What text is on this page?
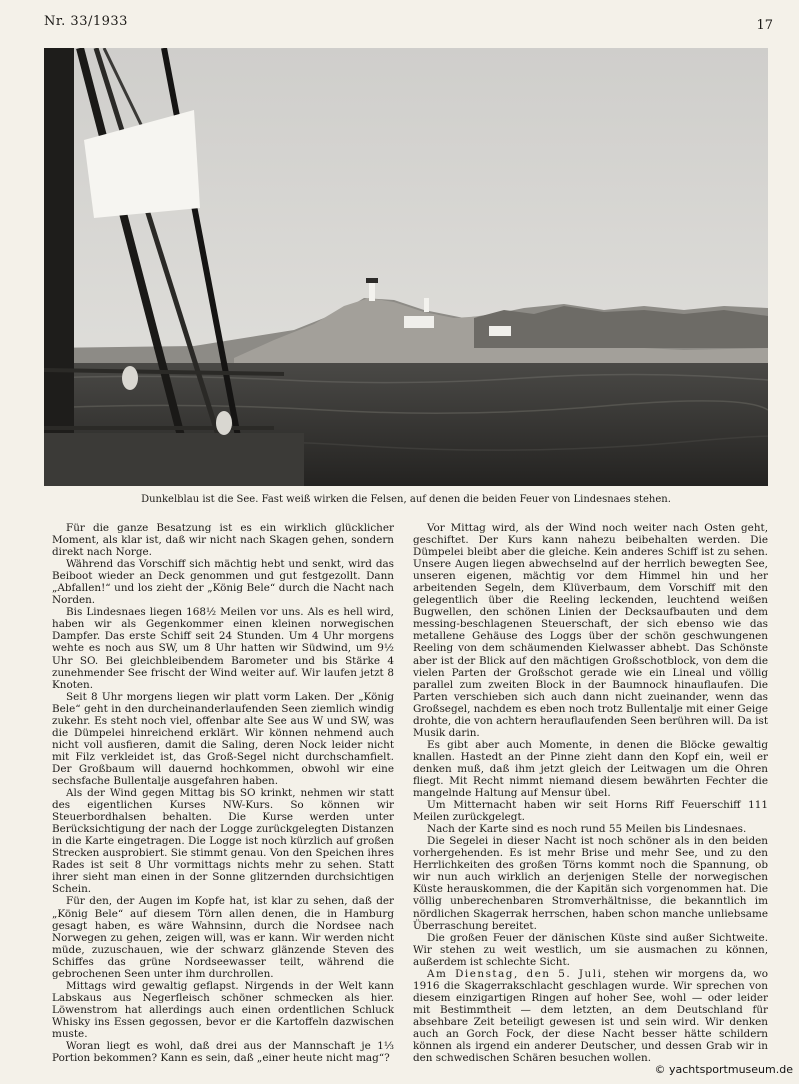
Nr. 33/1933	17
Dunkelblau ist die See. Fast weiß wirken die Felsen, auf denen die beiden Feuer von Lindesnaes stehen.

Für die ganze Besatzung ist es ein wirklich glücklicher Moment, als klar ist, daß wir nicht nach Skagen gehen, sondern direkt nach Norge.

Während das Vorschiff sich mächtig hebt und senkt, wird das Beiboot wieder an Deck genommen und gut festgezollt. Dann „Abfallen!“ und los zieht der „König Bele“ durch die Nacht nach Norden.

Bis Lindesnaes liegen 168½ Meilen vor uns. Als es hell wird, haben wir als Gegenkommer einen kleinen norwegischen Dampfer. Das erste Schiff seit 24 Stunden. Um 4 Uhr morgens wehte es noch aus SW, um 8 Uhr hatten wir Südwind, um 9½ Uhr SO. Bei gleichbleibendem Barometer und bis Stärke 4 zunehmender See frischt der Wind weiter auf. Wir laufen jetzt 8 Knoten.

Seit 8 Uhr morgens liegen wir platt vorm Laken. Der „König Bele“ geht in den durcheinanderlaufenden Seen ziemlich windig zukehr. Es steht noch viel, offenbar alte See aus W und SW, was die Dümpelei hinreichend erklärt. Wir können nehmend auch nicht voll ausfieren, damit die Saling, deren Nock leider nicht mit Filz verkleidet ist, das Groß-Segel nicht durchschamfielt. Der Großbaum will dauernd hochkommen, obwohl wir eine sechsfache Bullentalje ausgefahren haben.

Als der Wind gegen Mittag bis SO krinkt, nehmen wir statt des eigentlichen Kurses NW-Kurs. So können wir Steuerbordhalsen behalten. Die Kurse werden unter Berücksichtigung der nach der Logge zurückgelegten Distanzen in die Karte eingetragen. Die Logge ist noch kürzlich auf großen Strecken ausprobiert. Sie stimmt genau. Von den Speichen ihres Rades ist seit 8 Uhr vormittags nichts mehr zu sehen. Statt ihrer sieht man einen in der Sonne glitzernden durchsichtigen Schein.

Für den, der Augen im Kopfe hat, ist klar zu sehen, daß der „König Bele“ auf diesem Törn allen denen, die in Hamburg gesagt haben, es wäre Wahnsinn, durch die Nordsee nach Norwegen zu gehen, zeigen will, was er kann. Wir werden nicht müde, zuzuschauen, wie der schwarz glänzende Steven des Schiffes das grüne Nordseewasser teilt, während die gebrochenen Seen unter ihm durchrollen.

Mittags wird gewaltig geflapst. Nirgends in der Welt kann Labskaus aus Negerfleisch schöner schmecken als hier. Löwenstrom hat allerdings auch einen ordentlichen Schluck Whisky ins Essen gegossen, bevor er die Kartoffeln dazwischen muste.

Woran liegt es wohl, daß drei aus der Mannschaft je 1⅓ Portion bekommen? Kann es sein, daß „einer heute nicht mag“?

Vor Mittag wird, als der Wind noch weiter nach Osten geht, geschiftet. Der Kurs kann nahezu beibehalten werden. Die Dümpelei bleibt aber die gleiche. Kein anderes Schiff ist zu sehen. Unsere Augen liegen abwechselnd auf der herrlich bewegten See, unseren eigenen, mächtig vor dem Himmel hin und her arbeitenden Segeln, dem Klüverbaum, dem Vorschiff mit den gelegentlich über die Reeling leckenden, leuchtend weißen Bugwellen, den schönen Linien der Decksaufbauten und dem messing-beschlagenen Steuerschaft, der sich ebenso wie das metallene Gehäuse des Loggs über der schön geschwungenen Reeling von dem schäumenden Kielwasser abhebt. Das Schönste aber ist der Blick auf den mächtigen Großschotblock, von dem die vielen Parten der Großschot gerade wie ein Lineal und völlig parallel zum zweiten Block in der Baumnock hinauflaufen. Die Parten verschieben sich auch dann nicht zueinander, wenn das Großsegel, nachdem es eben noch trotz Bullentalje mit einer Geige drohte, die von achtern herauflaufenden Seen berühren will. Da ist Musik darin.

Es gibt aber auch Momente, in denen die Blöcke gewaltig knallen. Hastedt an der Pinne zieht dann den Kopf ein, weil er denken muß, daß ihm jetzt gleich der Leitwagen um die Ohren fliegt. Mit Recht nimmt niemand diesem bewährten Fechter die mangelnde Haltung auf Mensur übel.

Um Mitternacht haben wir seit Horns Riff Feuerschiff 111 Meilen zurückgelegt.

Nach der Karte sind es noch rund 55 Meilen bis Lindesnaes.

Die Segelei in dieser Nacht ist noch schöner als in den beiden vorhergehenden. Es ist mehr Brise und mehr See, und zu den Herrlichkeiten des großen Törns kommt noch die Spannung, ob wir nun auch wirklich an derjenigen Stelle der norwegischen Küste herauskommen, die der Kapitän sich vorgenommen hat. Die völlig unberechenbaren Stromverhältnisse, die bekanntlich im nördlichen Skagerrak herrschen, haben schon manche unliebsame Überraschung bereitet.

Die großen Feuer der dänischen Küste sind außer Sichtweite. Wir stehen zu weit westlich, um sie ausmachen zu können, außerdem ist schlechte Sicht.

Am Dienstag, den 5. Juli, stehen wir morgens da, wo 1916 die Skagerrakschlacht geschlagen wurde. Wir sprechen von diesem einzigartigen Ringen auf hoher See, wohl — oder leider mit Bestimmtheit — dem letzten, an dem Deutschland für absehbare Zeit beteiligt gewesen ist und sein wird. Wir denken auch an Gorch Fock, der diese Nacht besser hätte schildern können als irgend ein anderer Deutscher, und dessen Grab wir in den schwedischen Schären besuchen wollen.

© yachtsportmuseum.de
